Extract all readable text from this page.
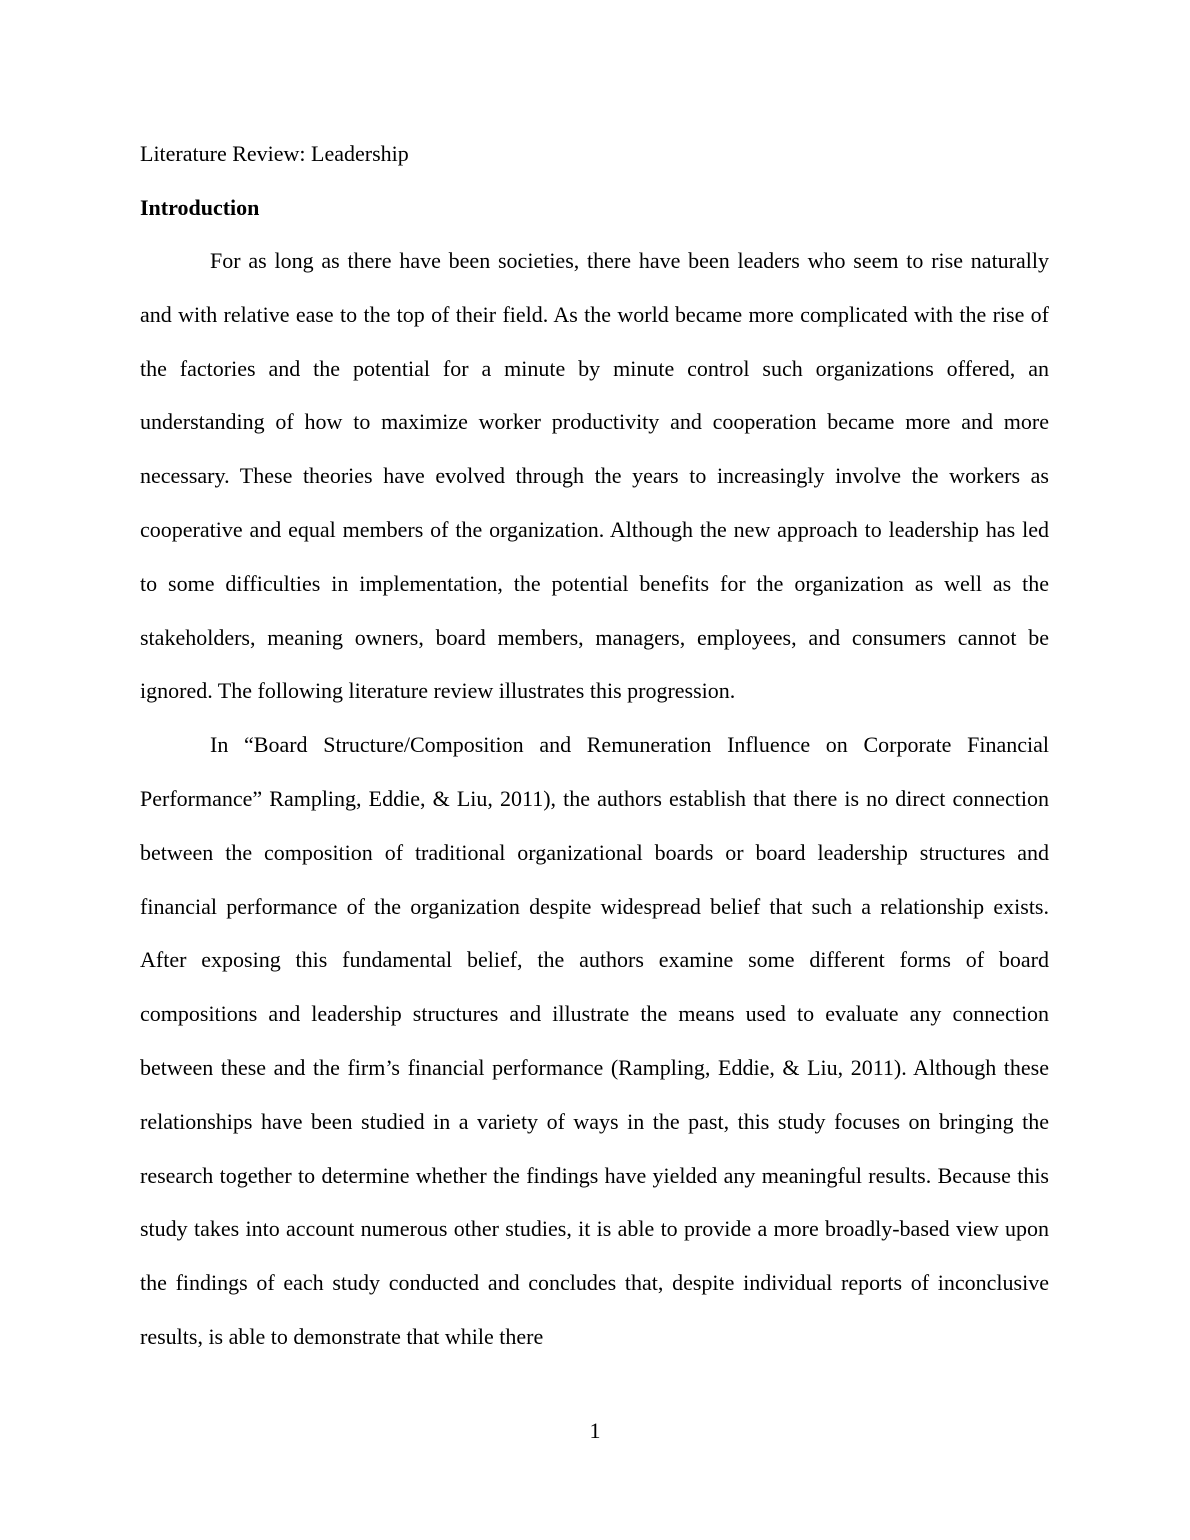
Literature Review: Leadership

Introduction

For as long as there have been societies, there have been leaders who seem to rise naturally and with relative ease to the top of their field. As the world became more complicated with the rise of the factories and the potential for a minute by minute control such organizations offered, an understanding of how to maximize worker productivity and cooperation became more and more necessary. These theories have evolved through the years to increasingly involve the workers as cooperative and equal members of the organization. Although the new approach to leadership has led to some difficulties in implementation, the potential benefits for the organization as well as the stakeholders, meaning owners, board members, managers, employees, and consumers cannot be ignored. The following literature review illustrates this progression.

In “Board Structure/Composition and Remuneration Influence on Corporate Financial Performance” Rampling, Eddie, & Liu, 2011), the authors establish that there is no direct connection between the composition of traditional organizational boards or board leadership structures and financial performance of the organization despite widespread belief that such a relationship exists. After exposing this fundamental belief, the authors examine some different forms of board compositions and leadership structures and illustrate the means used to evaluate any connection between these and the firm’s financial performance (Rampling, Eddie, & Liu, 2011). Although these relationships have been studied in a variety of ways in the past, this study focuses on bringing the research together to determine whether the findings have yielded any meaningful results. Because this study takes into account numerous other studies, it is able to provide a more broadly-based view upon the findings of each study conducted and concludes that, despite individual reports of inconclusive results, is able to demonstrate that while there

1
